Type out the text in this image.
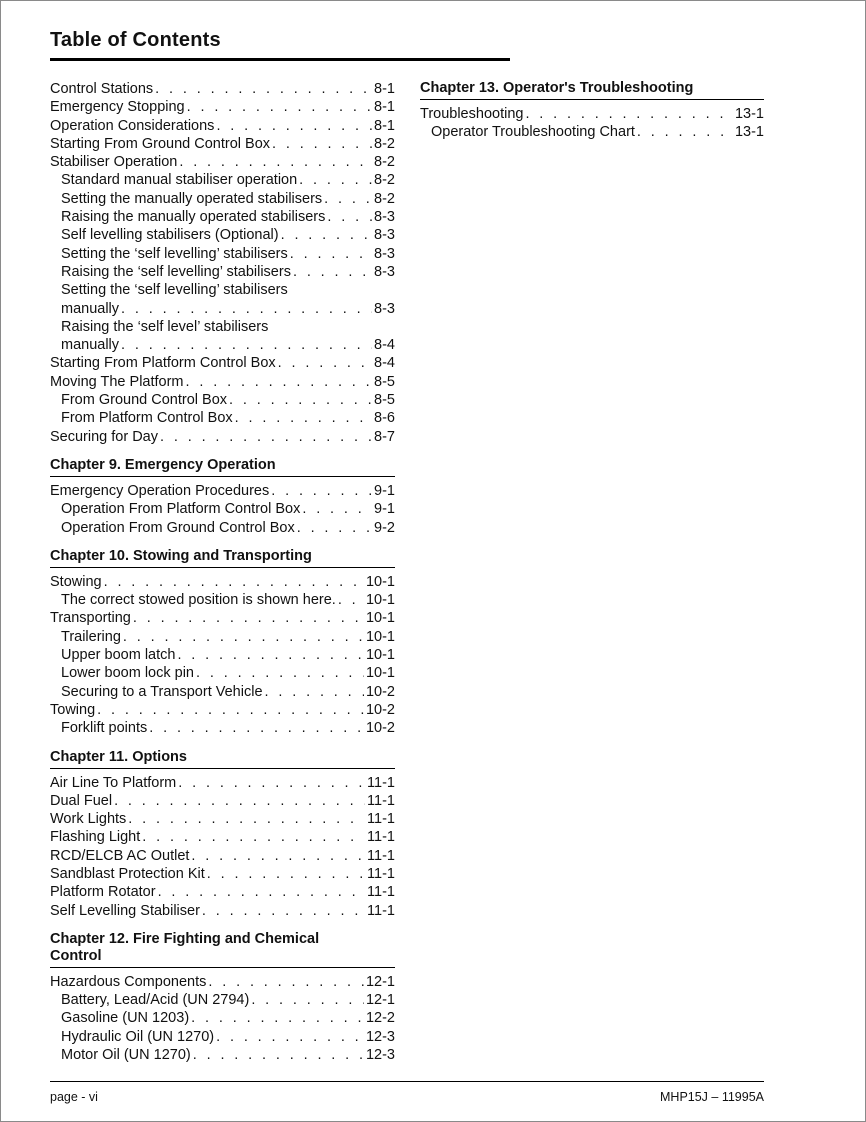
Table of Contents
Control Stations . . .	8-1
Emergency Stopping . . .	8-1
Operation Considerations . . .	8-1
Starting From Ground Control Box . . .	8-2
Stabiliser Operation . . .	8-2
Standard manual stabiliser operation . . .	8-2
Setting the manually operated stabilisers . . .	8-2
Raising the manually operated stabilisers . . .	8-3
Self levelling stabilisers (Optional) . . .	8-3
Setting the ‘self levelling’ stabilisers . . .	8-3
Raising the ‘self levelling’ stabilisers . . .	8-3
Setting the ‘self levelling’ stabilisers
manually . . .	8-3
Raising the ‘self level’ stabilisers
manually . . .	8-4
Starting From Platform Control Box . . .	8-4
Moving The Platform . . .	8-5
From Ground Control Box . . .	8-5
From Platform Control Box . . .	8-6
Securing for Day . . .	8-7
Chapter 9. Emergency Operation
Emergency Operation Procedures . . .	9-1
Operation From Platform Control Box . . .	9-1
Operation From Ground Control Box . . .	9-2
Chapter 10. Stowing and Transporting
Stowing . . .	10-1
The correct stowed position is shown here. . . . 10-1
Transporting . . .	10-1
Trailering . . .	10-1
Upper boom latch . . .	10-1
Lower boom lock pin . . .	10-1
Securing to a Transport Vehicle . . .	10-2
Towing . . .	10-2
Forklift points . . .	10-2
Chapter 11. Options
Air Line To Platform . . .	11-1
Dual Fuel . . .	11-1
Work Lights . . .	11-1
Flashing Light . . .	11-1
RCD/ELCB AC Outlet . . .	11-1
Sandblast Protection Kit . . .	11-1
Platform Rotator . . .	11-1
Self Levelling Stabiliser . . .	11-1
Chapter 12. Fire Fighting and Chemical
Control
Hazardous Components . . .	12-1
Battery, Lead/Acid (UN 2794) . . .	12-1
Gasoline (UN 1203) . . .	12-2
Hydraulic Oil (UN 1270) . . .	12-3
Motor Oil (UN 1270) . . .	12-3
Chapter 13. Operator's Troubleshooting
Troubleshooting . . .	13-1
Operator Troubleshooting Chart . . .	13-1
page - vi	MHP15J – 11995A
